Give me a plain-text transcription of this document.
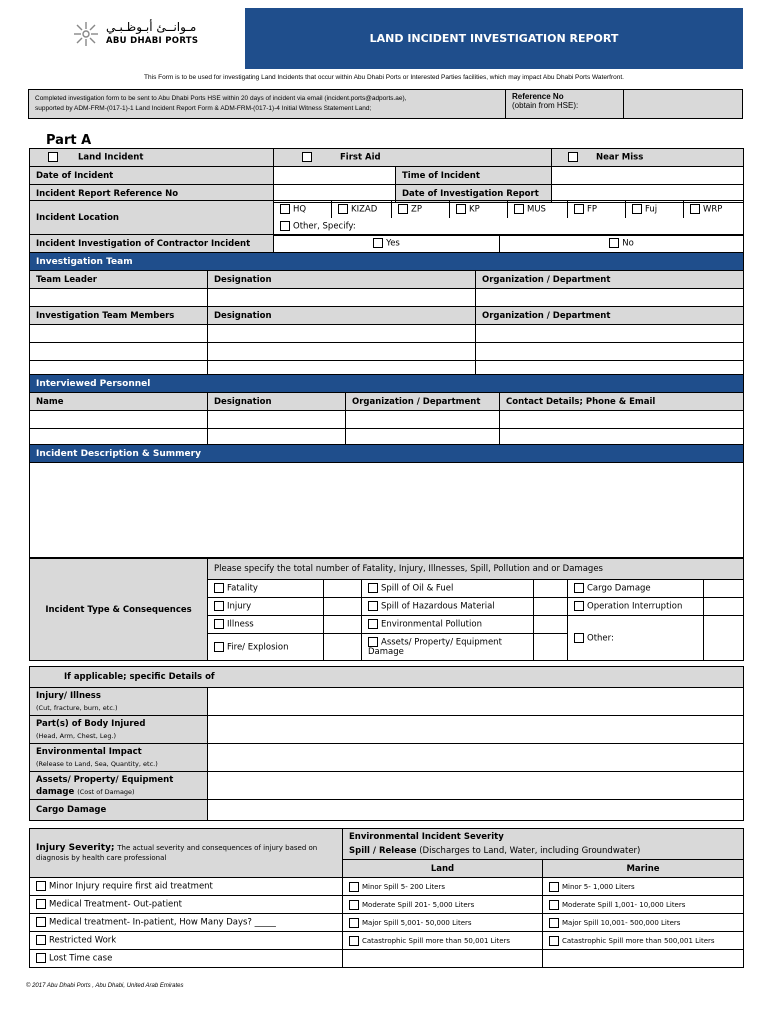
مـوانــئ أبـوظـبـي
ABU DHABI PORTS	LAND INCIDENT INVESTIGATION REPORT
This Form is to be used for investigating Land Incidents that occur within Abu Dhabi Ports or Interested Parties facilities, which may impact Abu Dhabi Ports Waterfront.
Completed investigation form to be sent to Abu Dhabi Ports HSE within 20 days of incident via email (incident.ports@adports.ae),
supported by ADM-FRM-(017-1)-1 Land Incident Report Form & ADM-FRM-(017-1)-4 Initial Witness Statement Land;
Reference No
(obtain from HSE):
Part A
Land Incident	First Aid		Near Miss
Date of Incident		Time of Incident	
Incident Report Reference No		Date of Investigation Report	
Incident Location	HQ	KIZAD	ZP	KP	MUS	FP	Fuj	WRP
Other, Specify:
Incident Investigation of Contractor Incident	Yes	No
Investigation Team		
Team Leader	Designation	Organization / Department

Investigation Team Members	Designation	Organization / Department

Interviewed Personnel			
Name	Designation	Organization / Department	Contact Details; Phone & Email

Incident Description & Summery

Incident Type & Consequences	Please specify the total number of Fatality, Injury, Illnesses, Spill, Pollution and or Damages					
	Fatality		Spill of Oil & Fuel		Cargo Damage	
	Injury		Spill of Hazardous Material		Operation Interruption	
	Illness		Environmental Pollution		Other:	
	Fire/ Explosion		Assets/ Property/ Equipment Damage			
If applicable; specific Details of	

Injury/ Illness
(Cut, fracture, burn, etc.)	

Part(s) of Body Injured
(Head, Arm, Chest, Leg.)	

Environmental Impact
(Release to Land, Sea, Quantity, etc.)	

Assets/ Property/ Equipment damage (Cost of Damage)	
Cargo Damage	
Injury Severity; The actual severity and consequences of injury based on diagnosis by health care professional	Environmental Incident Severity
Spill / Release (Discharges to Land, Water, including Groundwater)	

	Land	Marine
Minor Injury require first aid treatment	Minor Spill 5- 200 Liters	Minor 5- 1,000 Liters
Medical Treatment- Out-patient	Moderate Spill 201- 5,000 Liters	Moderate Spill 1,001- 10,000 Liters
Medical treatment- In-patient, How Many Days? _____	Major Spill 5,001- 50,000 Liters	Major Spill 10,001- 500,000 Liters
Restricted Work	Catastrophic Spill more than 50,001 Liters	Catastrophic Spill more than 500,001 Liters
Lost Time case		
© 2017 Abu Dhabi Ports , Abu Dhabi, United Arab Emirates
